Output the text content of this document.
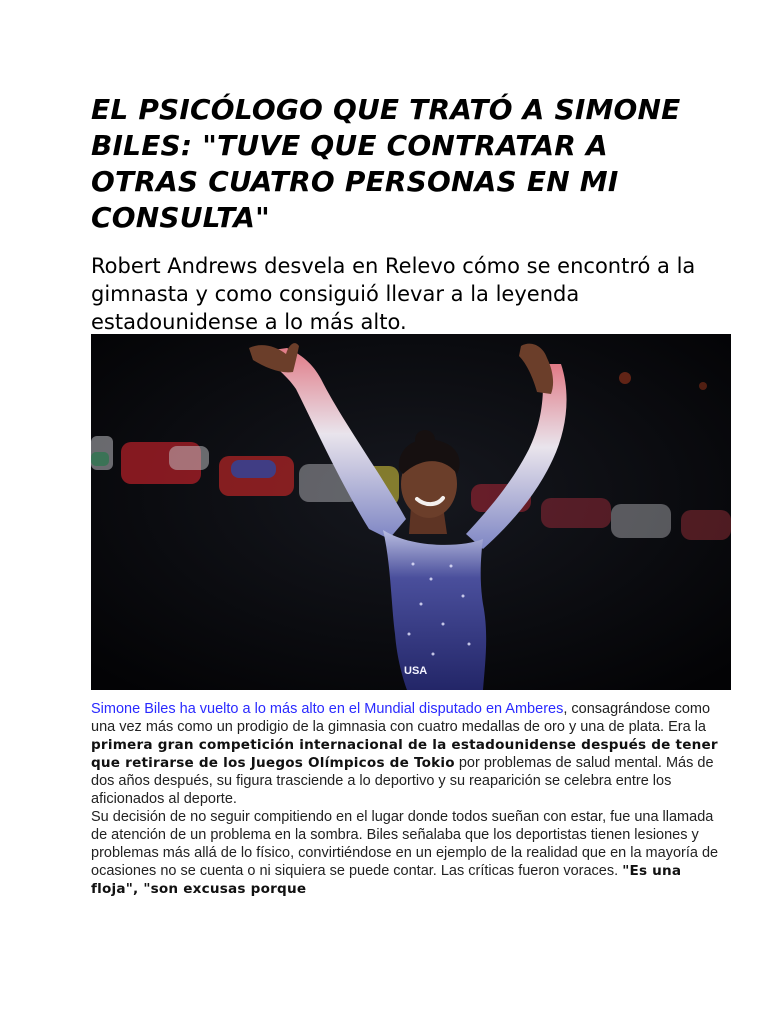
EL PSICÓLOGO QUE TRATÓ A SIMONE BILES: "TUVE QUE CONTRATAR A OTRAS CUATRO PERSONAS EN MI CONSULTA"

Robert Andrews desvela en Relevo cómo se encontró a la gimnasta y como consiguió llevar a la leyenda estadounidense a lo más alto.

USA

Simone Biles ha vuelto a lo más alto en el Mundial disputado en Amberes, consagrándose como una vez más como un prodigio de la gimnasia con cuatro medallas de oro y una de plata. Era la primera gran competición internacional de la estadounidense después de tener que retirarse de los Juegos Olímpicos de Tokio por problemas de salud mental. Más de dos años después, su figura trasciende a lo deportivo y su reaparición se celebra entre los aficionados al deporte.

Su decisión de no seguir compitiendo en el lugar donde todos sueñan con estar, fue una llamada de atención de un problema en la sombra. Biles señalaba que los deportistas tienen lesiones y problemas más allá de lo físico, convirtiéndose en un ejemplo de la realidad que en la mayoría de ocasiones no se cuenta o ni siquiera se puede contar. Las críticas fueron voraces. "Es una floja", "son excusas porque
